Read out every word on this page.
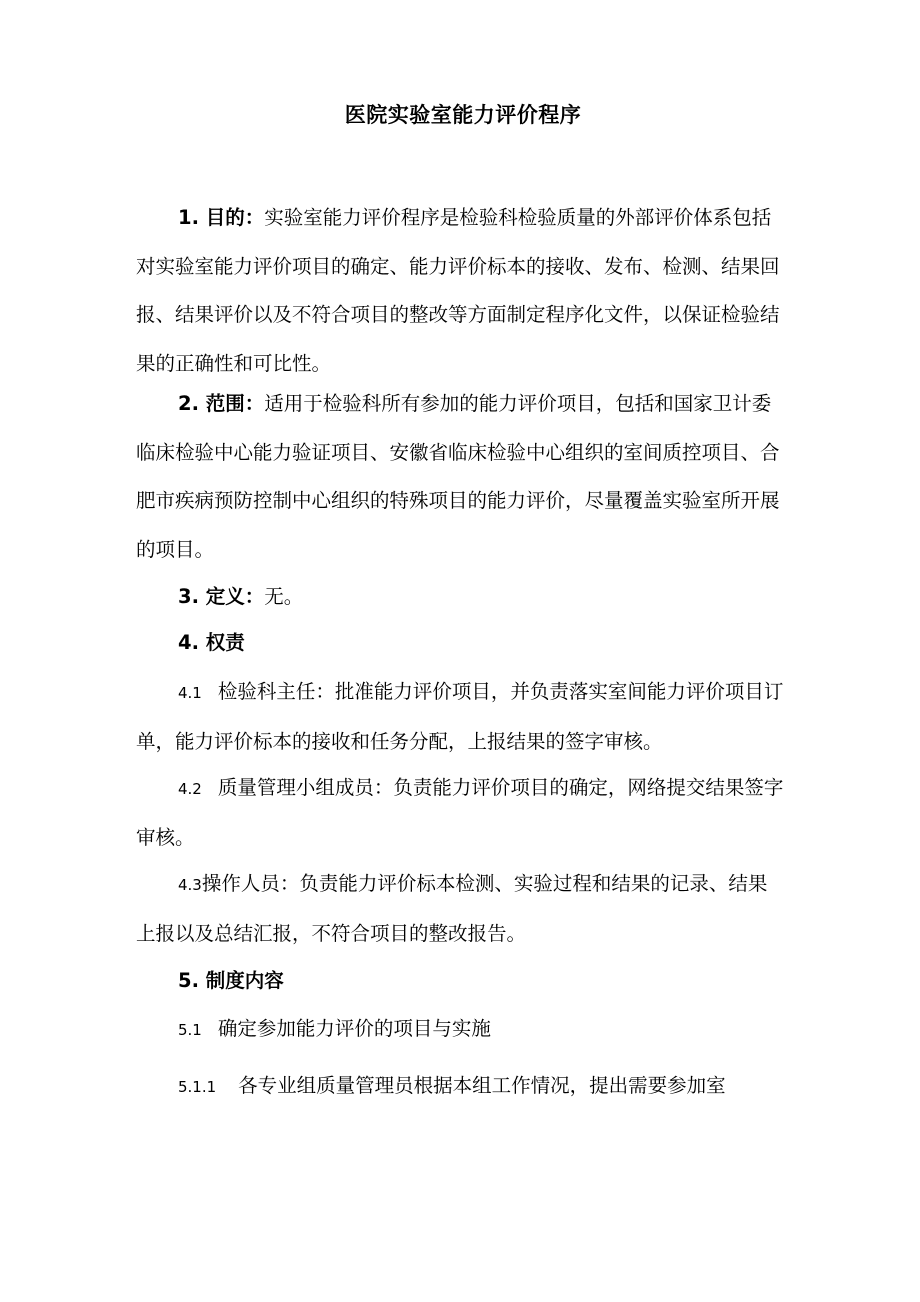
医院实验室能力评价程序

1. 目的：实验室能力评价程序是检验科检验质量的外部评价体系包括对实验室能力评价项目的确定、能力评价标本的接收、发布、检测、结果回报、结果评价以及不符合项目的整改等方面制定程序化文件，以保证检验结果的正确性和可比性。

2. 范围：适用于检验科所有参加的能力评价项目，包括和国家卫计委临床检验中心能力验证项目、安徽省临床检验中心组织的室间质控项目、合肥市疾病预防控制中心组织的特殊项目的能力评价，尽量覆盖实验室所开展的项目。

3. 定义：无。

4. 权责

4.1 检验科主任：批准能力评价项目，并负责落实室间能力评价项目订单，能力评价标本的接收和任务分配，上报结果的签字审核。

4.2 质量管理小组成员：负责能力评价项目的确定，网络提交结果签字审核。

4.3操作人员：负责能力评价标本检测、实验过程和结果的记录、结果上报以及总结汇报，不符合项目的整改报告。

5. 制度内容

5.1 确定参加能力评价的项目与实施

5.1.1 各专业组质量管理员根据本组工作情况，提出需要参加室
